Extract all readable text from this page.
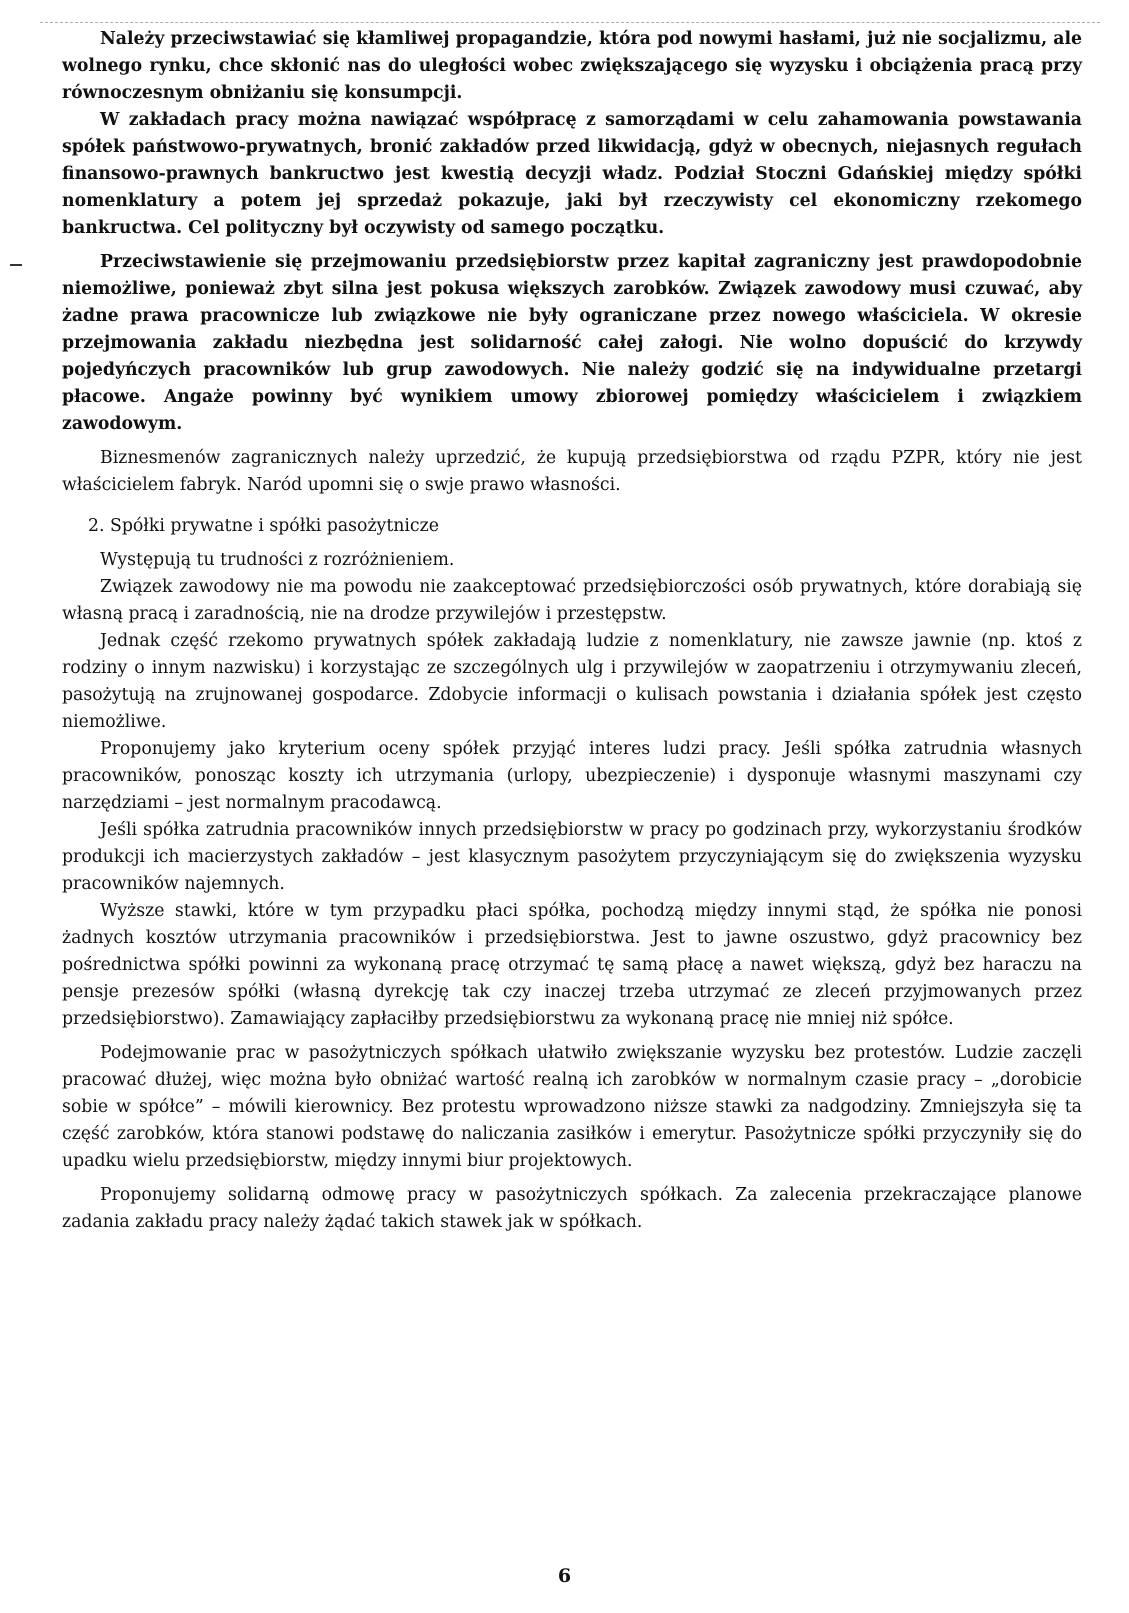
Należy przeciwstawiać się kłamliwej propagandzie, która pod nowymi hasłami, już nie socjalizmu, ale wolnego rynku, chce skłonić nas do uległości wobec zwiększającego się wyzysku i obciążenia pracą przy równoczesnym obniżaniu się konsumpcji.

W zakładach pracy można nawiązać współpracę z samorządami w celu zahamowania powstawania spółek państwowo-prywatnych, bronić zakładów przed likwidacją, gdyż w obecnych, niejasnych regułach finansowo-prawnych bankructwo jest kwestią decyzji władz. Podział Stoczni Gdańskiej między spółki nomenklatury a potem jej sprzedaż pokazuje, jaki był rzeczywisty cel ekonomiczny rzekomego bankructwa. Cel polityczny był oczywisty od samego początku.

Przeciwstawienie się przejmowaniu przedsiębiorstw przez kapitał zagraniczny jest prawdopodobnie niemożliwe, ponieważ zbyt silna jest pokusa większych zarobków. Związek zawodowy musi czuwać, aby żadne prawa pracownicze lub związkowe nie były ograniczane przez nowego właściciela. W okresie przejmowania zakładu niezbędna jest solidarność całej załogi. Nie wolno dopuścić do krzywdy pojedyńczych pracowników lub grup zawodowych. Nie należy godzić się na indywidualne przetargi płacowe. Angaże powinny być wynikiem umowy zbiorowej pomiędzy właścicielem i związkiem zawodowym.

Biznesmenów zagranicznych należy uprzedzić, że kupują przedsiębiorstwa od rządu PZPR, który nie jest właścicielem fabryk. Naród upomni się o swje prawo własności.

2. Spółki prywatne i spółki pasożytnicze

Występują tu trudności z rozróżnieniem.

Związek zawodowy nie ma powodu nie zaakceptować przedsiębiorczości osób prywatnych, które dorabiają się własną pracą i zaradnością, nie na drodze przywilejów i przestępstw.

Jednak część rzekomo prywatnych spółek zakładają ludzie z nomenklatury, nie zawsze jawnie (np. ktoś z rodziny o innym nazwisku) i korzystając ze szczególnych ulg i przywilejów w zaopatrzeniu i otrzymywaniu zleceń, pasożytują na zrujnowanej gospodarce. Zdobycie informacji o kulisach powstania i działania spółek jest często niemożliwe.

Proponujemy jako kryterium oceny spółek przyjąć interes ludzi pracy. Jeśli spółka zatrudnia własnych pracowników, ponosząc koszty ich utrzymania (urlopy, ubezpieczenie) i dysponuje własnymi maszynami czy narzędziami – jest normalnym pracodawcą.

Jeśli spółka zatrudnia pracowników innych przedsiębiorstw w pracy po godzinach przy, wykorzystaniu środków produkcji ich macierzystych zakładów – jest klasycznym pasożytem przyczyniającym się do zwiększenia wyzysku pracowników najemnych.

Wyższe stawki, które w tym przypadku płaci spółka, pochodzą między innymi stąd, że spółka nie ponosi żadnych kosztów utrzymania pracowników i przedsiębiorstwa. Jest to jawne oszustwo, gdyż pracownicy bez pośrednictwa spółki powinni za wykonaną pracę otrzymać tę samą płacę a nawet większą, gdyż bez haraczu na pensje prezesów spółki (własną dyrekcję tak czy inaczej trzeba utrzymać ze zleceń przyjmowanych przez przedsiębiorstwo). Zamawiający zapłaciłby przedsiębiorstwu za wykonaną pracę nie mniej niż spółce.

Podejmowanie prac w pasożytniczych spółkach ułatwiło zwiększanie wyzysku bez protestów. Ludzie zaczęli pracować dłużej, więc można było obniżać wartość realną ich zarobków w normalnym czasie pracy – „dorobicie sobie w spółce” – mówili kierownicy. Bez protestu wprowadzono niższe stawki za nadgodziny. Zmniejszyła się ta część zarobków, która stanowi podstawę do naliczania zasiłków i emerytur. Pasożytnicze spółki przyczyniły się do upadku wielu przedsiębiorstw, między innymi biur projektowych.

Proponujemy solidarną odmowę pracy w pasożytniczych spółkach. Za zalecenia przekraczające planowe zadania zakładu pracy należy żądać takich stawek jak w spółkach.

6
